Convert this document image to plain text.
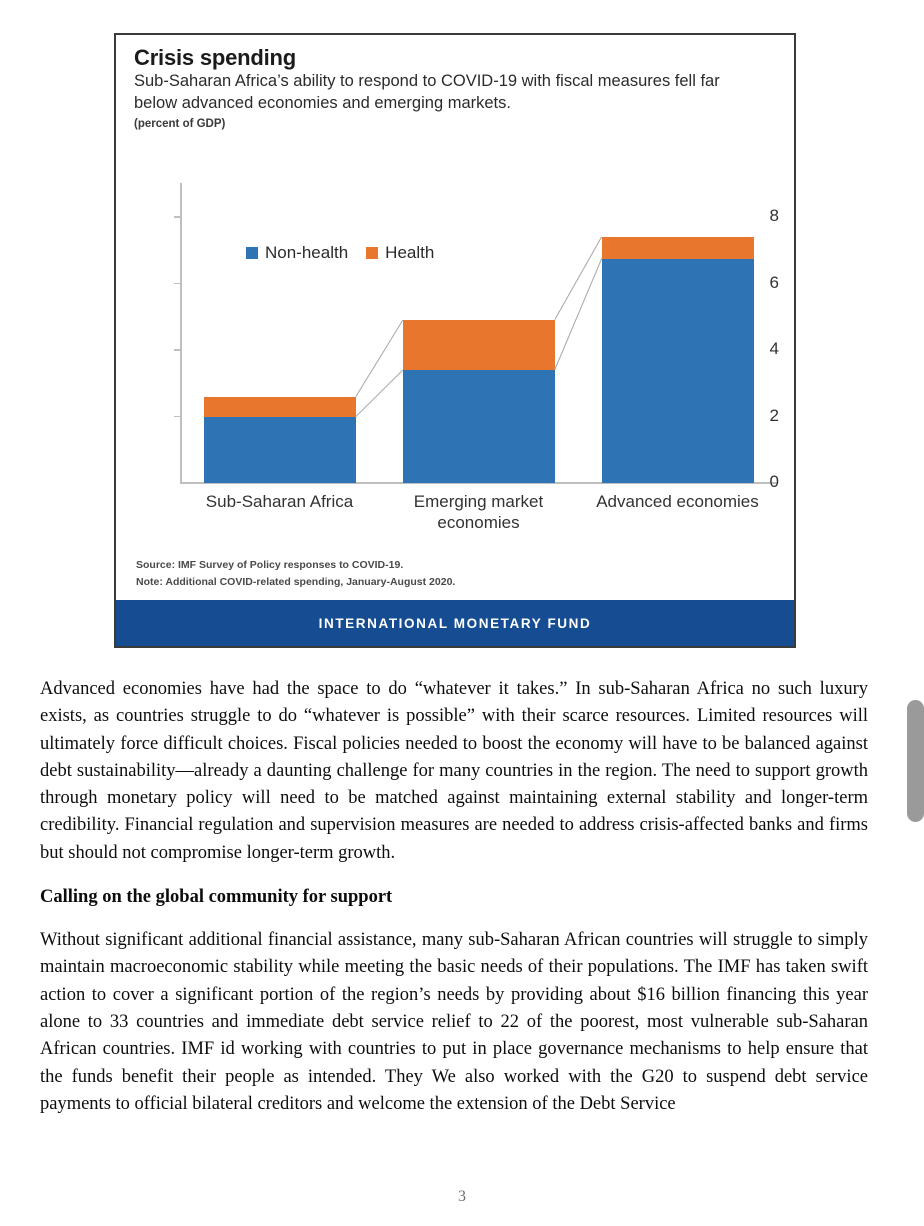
Crisis spending
Sub-Saharan Africa’s ability to respond to COVID-19 with fiscal measures fell far below advanced economies and emerging markets.
(percent of GDP)
0
2
4
6
8
Sub-Saharan Africa	Emerging market economies
Advanced economies
Non-health Health
Source: IMF Survey of Policy responses to COVID-19.
Note: Additional COVID-related spending, January-August 2020.
INTERNATIONAL MONETARY FUND

Advanced economies have had the space to do “whatever it takes.” In sub-Saharan Africa no such luxury exists, as countries struggle to do “whatever is possible” with their scarce resources. Limited resources will ultimately force difficult choices. Fiscal policies needed to boost the economy will have to be balanced against debt sustainability—already a daunting challenge for many countries in the region. The need to support growth through monetary policy will need to be matched against maintaining external stability and longer-term credibility. Financial regulation and supervision measures are needed to address crisis-affected banks and firms but should not compromise longer-term growth.

Calling on the global community for support

Without significant additional financial assistance, many sub-Saharan African countries will struggle to simply maintain macroeconomic stability while meeting the basic needs of their populations. The IMF has taken swift action to cover a significant portion of the region’s needs by providing about $16 billion financing this year alone to 33 countries and immediate debt service relief to 22 of the poorest, most vulnerable sub-Saharan African countries. IMF id working with countries to put in place governance mechanisms to help ensure that the funds benefit their people as intended. They We also worked with the G20 to suspend debt service payments to official bilateral creditors and welcome the extension of the Debt Service

3
